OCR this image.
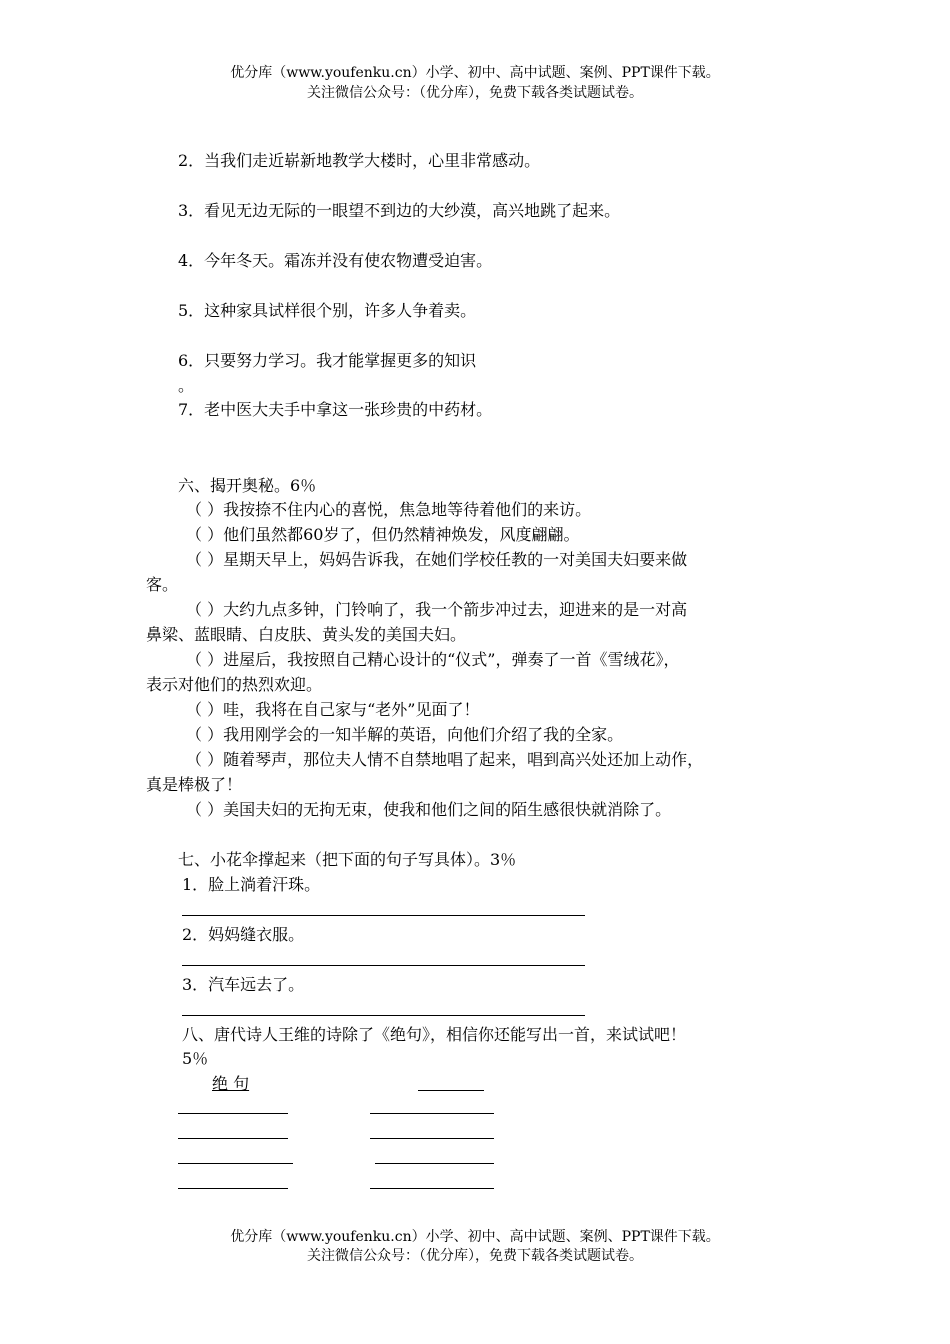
优分库（www.youfenku.cn）小学、初中、高中试题、案例、PPT课件下载。
关注微信公众号：（优分库），免费下载各类试题试卷。
2．当我们走近崭新地教学大楼时，心里非常感动。
3．看见无边无际的一眼望不到边的大纱漠，高兴地跳了起来。
4．今年冬天。霜冻并没有使农物遭受迫害。
5．这种家具试样很个别，许多人争着卖。
6．只要努力学习。我才能掌握更多的知识
。
7．老中医大夫手中拿这一张珍贵的中药材。
六、揭开奥秘。6％
（ ）我按捺不住内心的喜悦，焦急地等待着他们的来访。
（ ）他们虽然都60岁了，但仍然精神焕发，风度翩翩。
（ ）星期天早上，妈妈告诉我，在她们学校任教的一对美国夫妇要来做
客。
（ ）大约九点多钟，门铃响了，我一个箭步冲过去，迎进来的是一对高
鼻梁、蓝眼睛、白皮肤、黄头发的美国夫妇。
（ ）进屋后，我按照自己精心设计的“仪式”，弹奏了一首《雪绒花》，
表示对他们的热烈欢迎。
（ ）哇，我将在自己家与“老外”见面了！
（ ）我用刚学会的一知半解的英语，向他们介绍了我的全家。
（ ）随着琴声，那位夫人情不自禁地唱了起来，唱到高兴处还加上动作，
真是棒极了！
（ ）美国夫妇的无拘无束，使我和他们之间的陌生感很快就消除了。
七、小花伞撑起来（把下面的句子写具体）。3％
1．脸上淌着汗珠。
2．妈妈缝衣服。
3．汽车远去了。
八、唐代诗人王维的诗除了《绝句》，相信你还能写出一首，来试试吧！
5％
绝 句
优分库（www.youfenku.cn）小学、初中、高中试题、案例、PPT课件下载。
关注微信公众号：（优分库），免费下载各类试题试卷。
